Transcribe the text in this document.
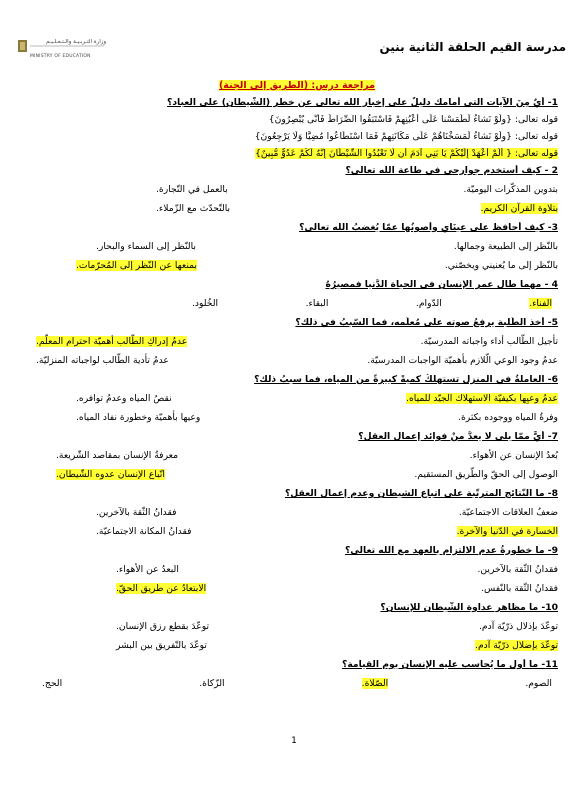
وزارة التـربـيـة والـتـعـلـيـم
MINISTRY OF EDUCATION
مدرسة القيم الحلقة الثانية بنين
مراجعة درس: (الطريق إلى الجنة)
1- أيٌ مِنَ الآيات التي أمامك دليلٌ على إخبار الله تعالى عن خطر (الشّيطان) على العباد؟
قوله تعالى: {ولَوْ نَشاءُ لَطَمَسْنا عَلَى أَعْيُنِهِمْ فَاسْتَبَقُوا الصِّرَاطَ فَأَنَّى يُبْصِرُونَ}
قوله تعالى: {ولَوْ نَشاءُ لَمَسَخْنَاهُمْ عَلَى مَكَانَتِهِمْ فَمَا اسْتَطَاعُوا مُضِيًّا وَلَا يَرْجِعُونَ}
قوله تعالى: { أَلَمْ أَعْهَدْ إِلَيْكُمْ يَا بَنِي آدَمَ أَن لَّا تَعْبُدُوا الشَّيْطَانَ إِنَّهُ لَكُمْ عَدُوٌّ مُّبِينٌ}
2 - كيف أستخدم جوارحي في طاعة الله تعالى؟
بتدوين المذكّرات اليوميّة.
بالعمل في التّجارة.
بتلاوة القرآن الكريم.
بالتّحدّث مع الزّملاء.
3- كيف أحافظ على عينَاي وأصونُها عمّا يُغضبُ الله تعالى؟
بالنّظر إلى الطبيعة وجمالها.
بالنّظر إلى السماء والبحار.
بالنّظر إلى ما يُعنيني ويخصّني.
بمنعها عن النّظر إلى المُحرّمات.
4 - مهما طال عمر الإنسان في الحياة الدُّنيا فمصيرُهُ
الفناء.
الدّوام.
البقاء.
الخُلود.
5- أخذ الطّلبة يرفعُ صوته على مُعلّمه، فما السّببُ في ذلك؟
تأجيل الطّالب أداء واجباته المدرسيّة.
عدمُ إدراكِ الطّالب أهميّة احترام المعلّم.
عدمُ وجود الوعي الّلازم بأهميّة الواجبات المدرسيّة.
عدمُ تأدية الطّالب لواجباته المنزليّة.
6- العاملةُ في المنزل تستهلكُ كميةً كبيرةً من المياه، فما سببُ ذلك؟
عدمُ وعيِها بكيفيّة الاستهلاك الجيّد للمياه.
نقصُ المياه وعدمُ توافره.
وفرةُ المياه ووجوده بكثرة.
وعيها بأهميّة وخطورة نفاد المياه.
7- أيٌّ ممّا يلي لا يعدُّ منْ فوائد إعمال العقل؟
بُعدُ الإنسان عن الأهواء.
معرفةُ الإنسان بمقاصد الشّريعة.
الوصول إلى الحقّ والطّريق المستقيم.
اتّباع الإنسان عدوه الشّيطان.
8- ما النّتائج المترتّبة على اتباع الشيطان وعدم إعمال العقل؟
ضعفُ العلاقات الاجتماعيّة.
فقدانُ الثّقة بالآخرين.
الخسارة في الدّنيا والآخرة.
فقدانُ المكانة الاجتماعيّة.
9- ما خطورةُ عدم الالتزام بالعهد مع الله تعالى؟
فقدانُ الثّقة بالآخرين.
البعدُ عن الأهواء.
فقدانُ الثّقة بالنّفس.
الابتعادُ عن طريق الحقّ.
10- ما مظاهر عداوة الشّيطان للإنسان؟
توعّدَ بإذلال ذرّيّة آدم.
توعّدَ بقطع رزق الإنسان.
توعّدَ بإضلال ذرّيّة آدم.
توعّدَ بالتّفريق بين البشر
11- ما أول ما يُحاسب عليه الإنسان يوم القيامة؟
الصوم.
الصّلاة.
الزّكاة.
الحج.
1
